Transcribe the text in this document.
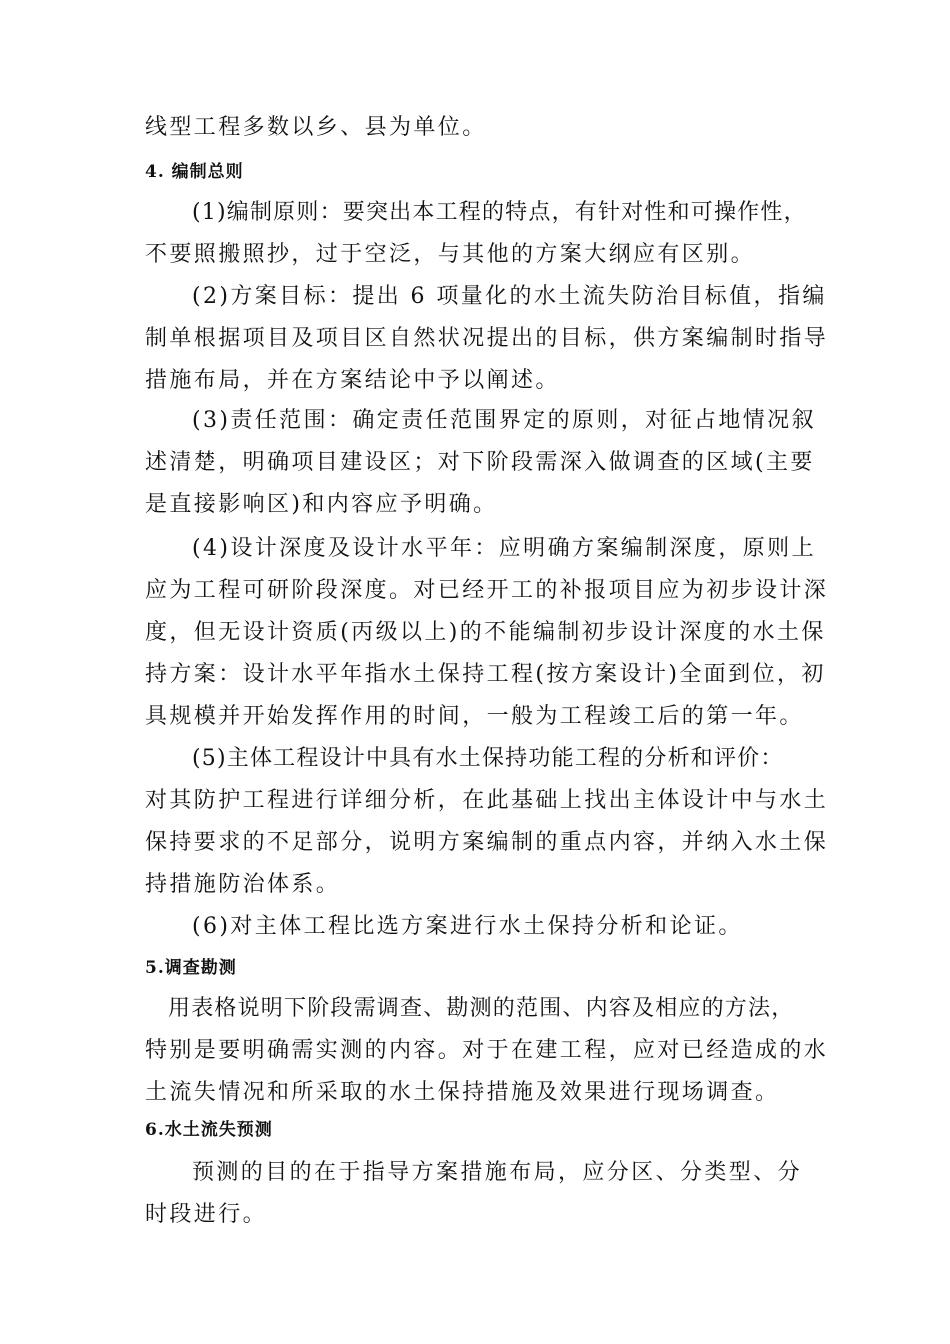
线型工程多数以乡、县为单位。
4. 编制总则
(1)编制原则：要突出本工程的特点，有针对性和可操作性，
不要照搬照抄，过于空泛，与其他的方案大纲应有区别。
(2)方案目标：提出 6 项量化的水土流失防治目标值，指编
制单根据项目及项目区自然状况提出的目标，供方案编制时指导
措施布局，并在方案结论中予以阐述。
(3)责任范围：确定责任范围界定的原则，对征占地情况叙
述清楚，明确项目建设区；对下阶段需深入做调查的区域(主要
是直接影响区)和内容应予明确。
(4)设计深度及设计水平年：应明确方案编制深度，原则上
应为工程可研阶段深度。对已经开工的补报项目应为初步设计深
度，但无设计资质(丙级以上)的不能编制初步设计深度的水土保
持方案：设计水平年指水土保持工程(按方案设计)全面到位，初
具规模并开始发挥作用的时间，一般为工程竣工后的第一年。
(5)主体工程设计中具有水土保持功能工程的分析和评价：
对其防护工程进行详细分析，在此基础上找出主体设计中与水土
保持要求的不足部分，说明方案编制的重点内容，并纳入水土保
持措施防治体系。
(6)对主体工程比选方案进行水土保持分析和论证。
5.调查勘测
用表格说明下阶段需调查、勘测的范围、内容及相应的方法，
特别是要明确需实测的内容。对于在建工程，应对已经造成的水
土流失情况和所采取的水土保持措施及效果进行现场调查。
6.水土流失预测
预测的目的在于指导方案措施布局，应分区、分类型、分
时段进行。
